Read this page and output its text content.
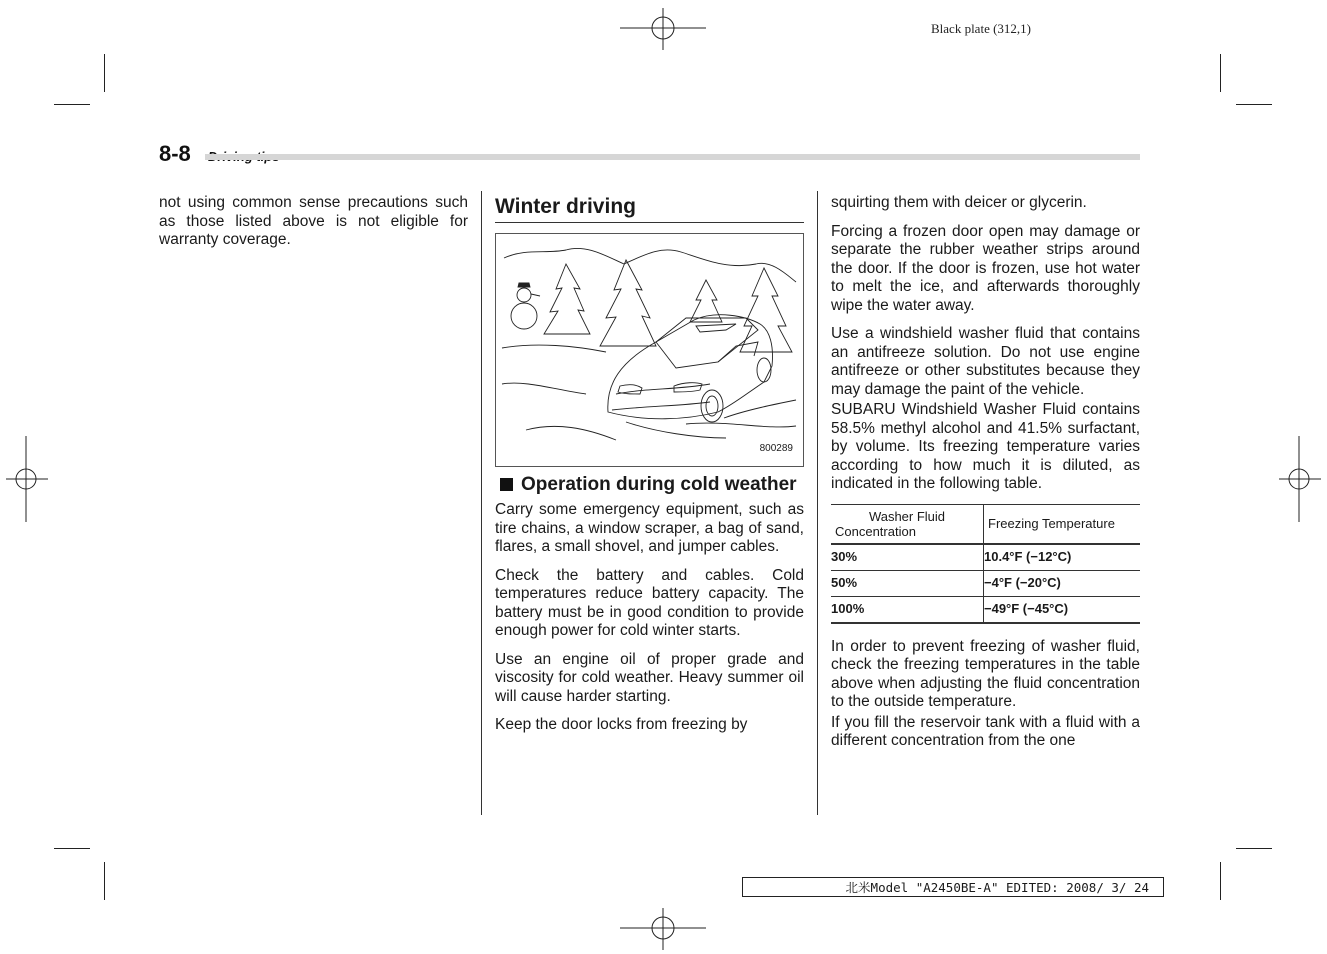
Black plate (312,1)
8-8

not using common sense precautions such as those listed above is not eligible for warranty coverage.

Winter driving
800289
Operation during cold weather

Carry some emergency equipment, such as tire chains, a window scraper, a bag of sand, flares, a small shovel, and jumper cables.

Check the battery and cables. Cold temperatures reduce battery capacity. The battery must be in good condition to provide enough power for cold winter starts.

Use an engine oil of proper grade and viscosity for cold weather. Heavy summer oil will cause harder starting.

Keep the door locks from freezing by

squirting them with deicer or glycerin.

Forcing a frozen door open may damage or separate the rubber weather strips around the door. If the door is frozen, use hot water to melt the ice, and afterwards thoroughly wipe the water away.

Use a windshield washer fluid that contains an antifreeze solution. Do not use engine antifreeze or other substitutes because they may damage the paint of the vehicle.

SUBARU Windshield Washer Fluid contains 58.5% methyl alcohol and 41.5% surfactant, by volume. Its freezing temperature varies according to how much it is diluted, as indicated in the following table.

Washer Fluid Concentration	Freezing Temperature
30%	10.4°F (−12°C)
50%	−4°F (−20°C)
100%	−49°F (−45°C)

In order to prevent freezing of washer fluid, check the freezing temperatures in the table above when adjusting the fluid concentration to the outside temperature.

If you fill the reservoir tank with a fluid with a different concentration from the one

北米Model "A2450BE-A" EDITED: 2008/ 3/ 24
